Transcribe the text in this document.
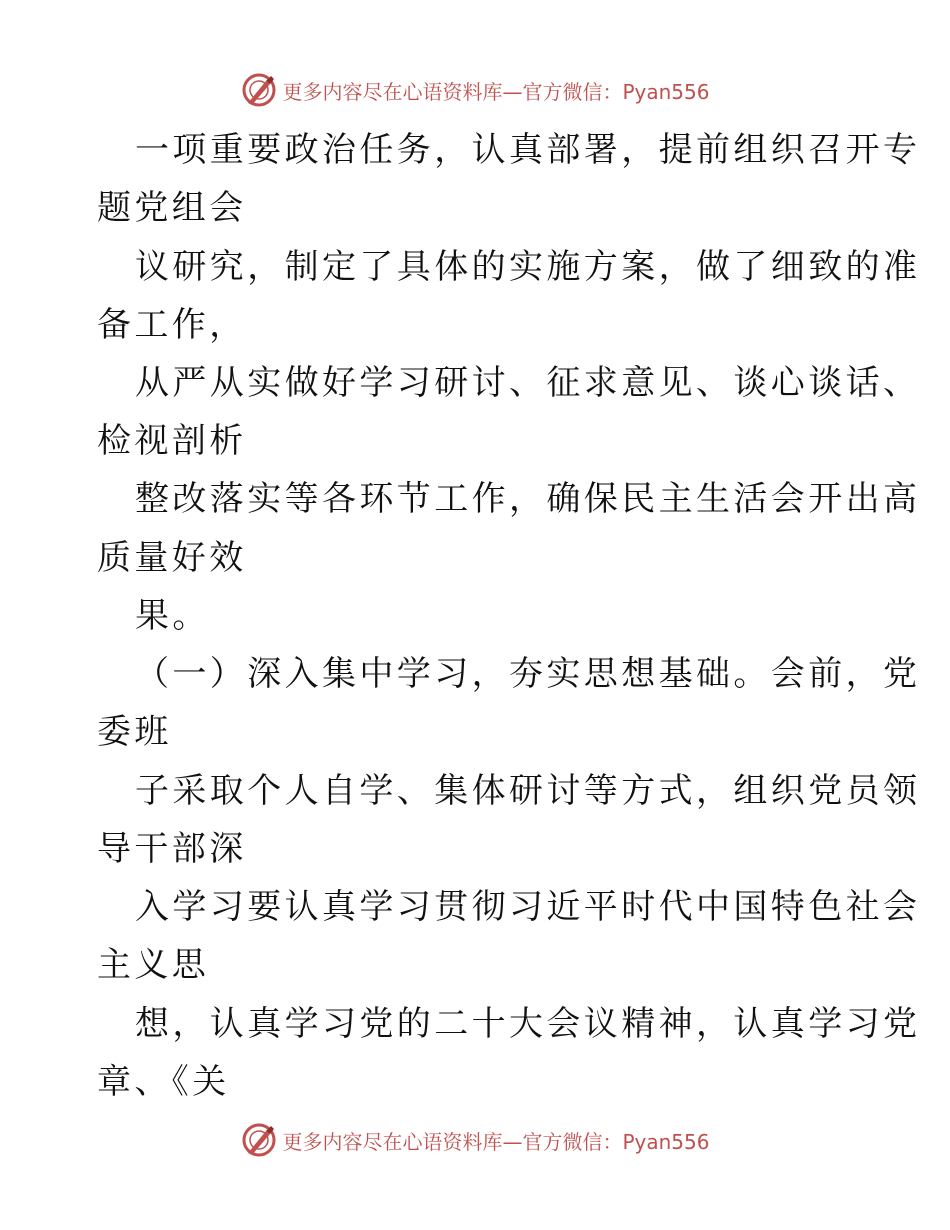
更多内容尽在心语资料库—官方微信：Pyan556
一项重要政治任务，认真部署，提前组织召开专
题党组会
议研究，制定了具体的实施方案，做了细致的准
备工作，
从严从实做好学习研讨、征求意见、谈心谈话、
检视剖析
整改落实等各环节工作，确保民主生活会开出高
质量好效
果。
（一）深入集中学习，夯实思想基础。会前，党
委班
子采取个人自学、集体研讨等方式，组织党员领
导干部深
入学习要认真学习贯彻习近平时代中国特色社会
主义思
想，认真学习党的二十大会议精神，认真学习党
章、《关
更多内容尽在心语资料库—官方微信：Pyan556
